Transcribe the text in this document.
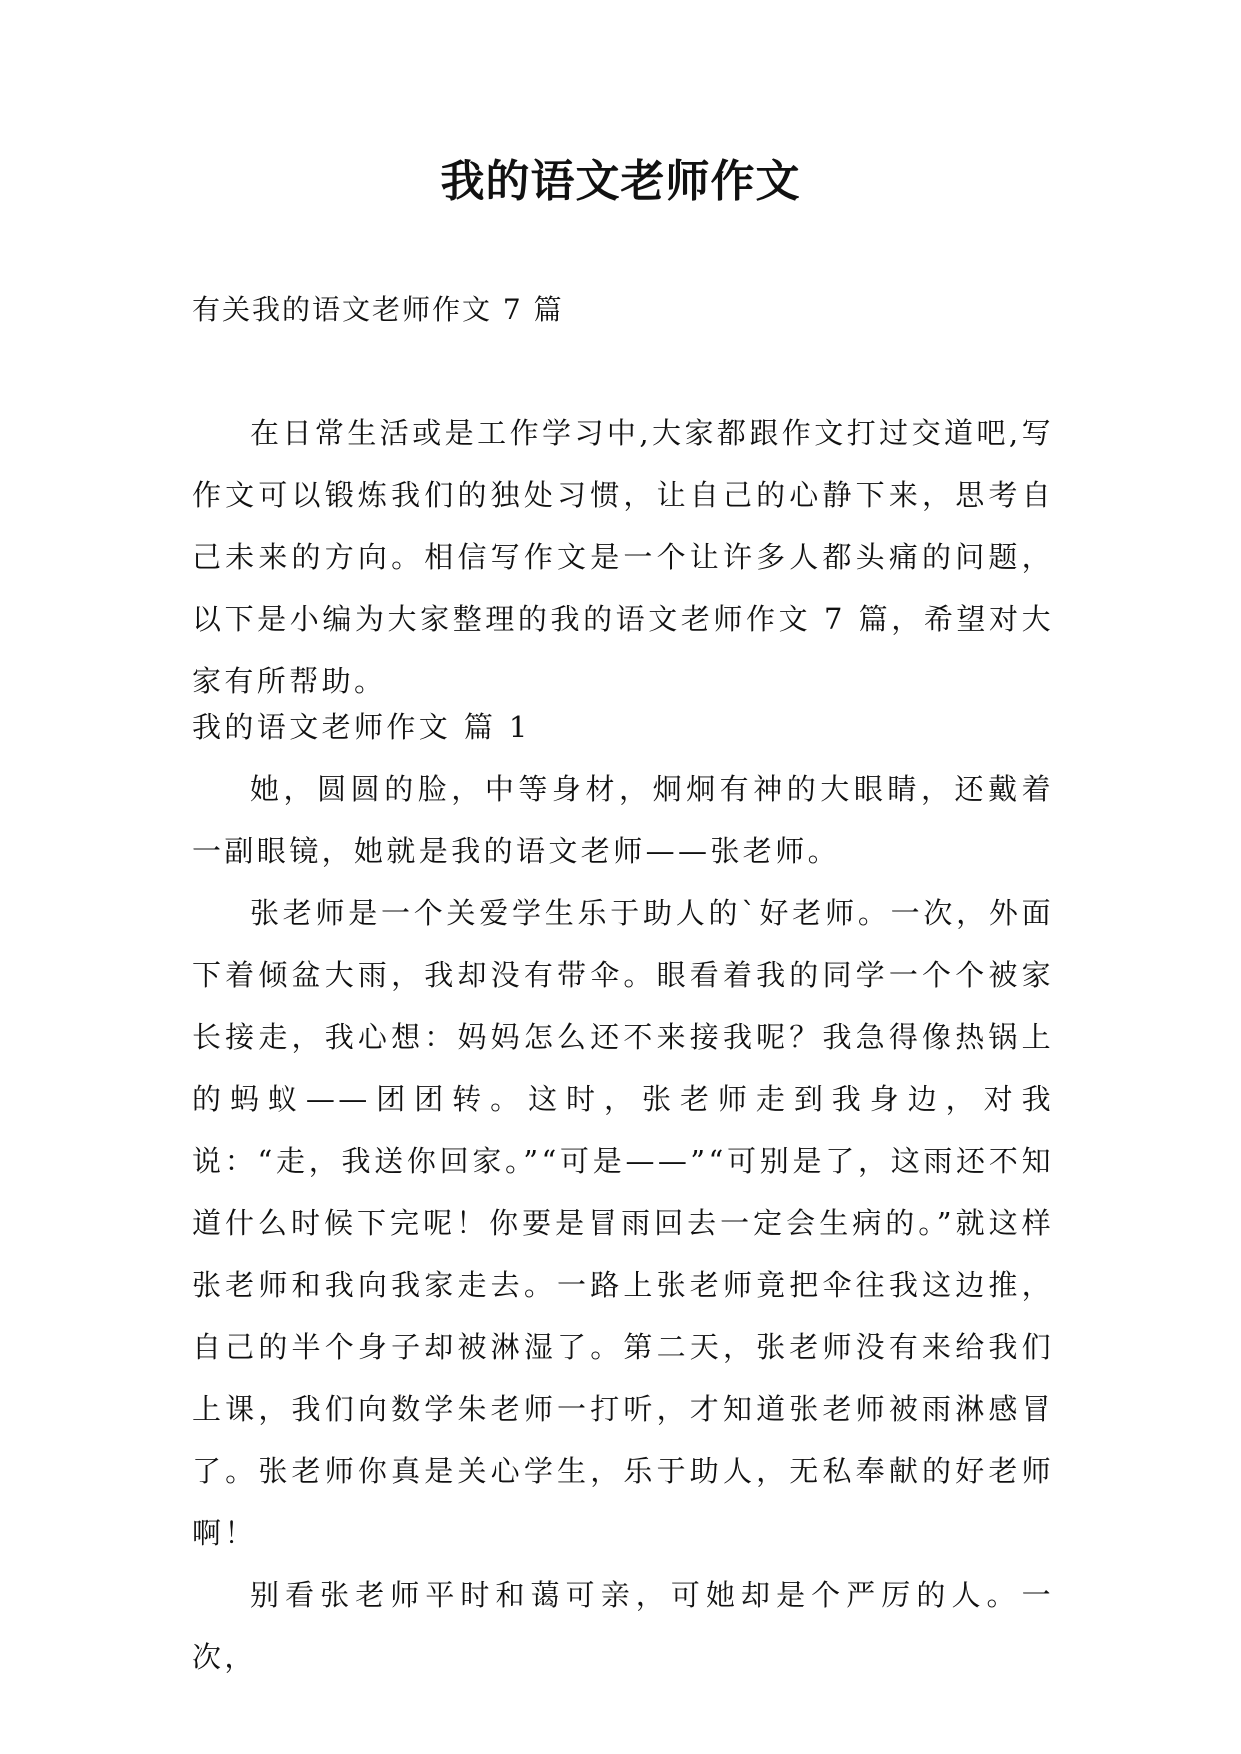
我的语文老师作文
有关我的语文老师作文 7 篇

在日常生活或是工作学习中,大家都跟作文打过交道吧,写作文可以锻炼我们的独处习惯，让自己的心静下来，思考自己未来的方向。相信写作文是一个让许多人都头痛的问题，以下是小编为大家整理的我的语文老师作文 7 篇，希望对大家有所帮助。

我的语文老师作文 篇 1

她，圆圆的脸，中等身材，炯炯有神的大眼睛，还戴着一副眼镜，她就是我的语文老师——张老师。

张老师是一个关爱学生乐于助人的`好老师。一次，外面下着倾盆大雨，我却没有带伞。眼看着我的同学一个个被家长接走，我心想：妈妈怎么还不来接我呢？我急得像热锅上的蚂蚁——团团转。这时，张老师走到我身边，对我说：“走，我送你回家。”“可是——”“可别是了，这雨还不知道什么时候下完呢！你要是冒雨回去一定会生病的。”就这样张老师和我向我家走去。一路上张老师竟把伞往我这边推，自己的半个身子却被淋湿了。第二天，张老师没有来给我们上课，我们向数学朱老师一打听，才知道张老师被雨淋感冒了。张老师你真是关心学生，乐于助人，无私奉献的好老师啊！

别看张老师平时和蔼可亲，可她却是个严厉的人。一次，
